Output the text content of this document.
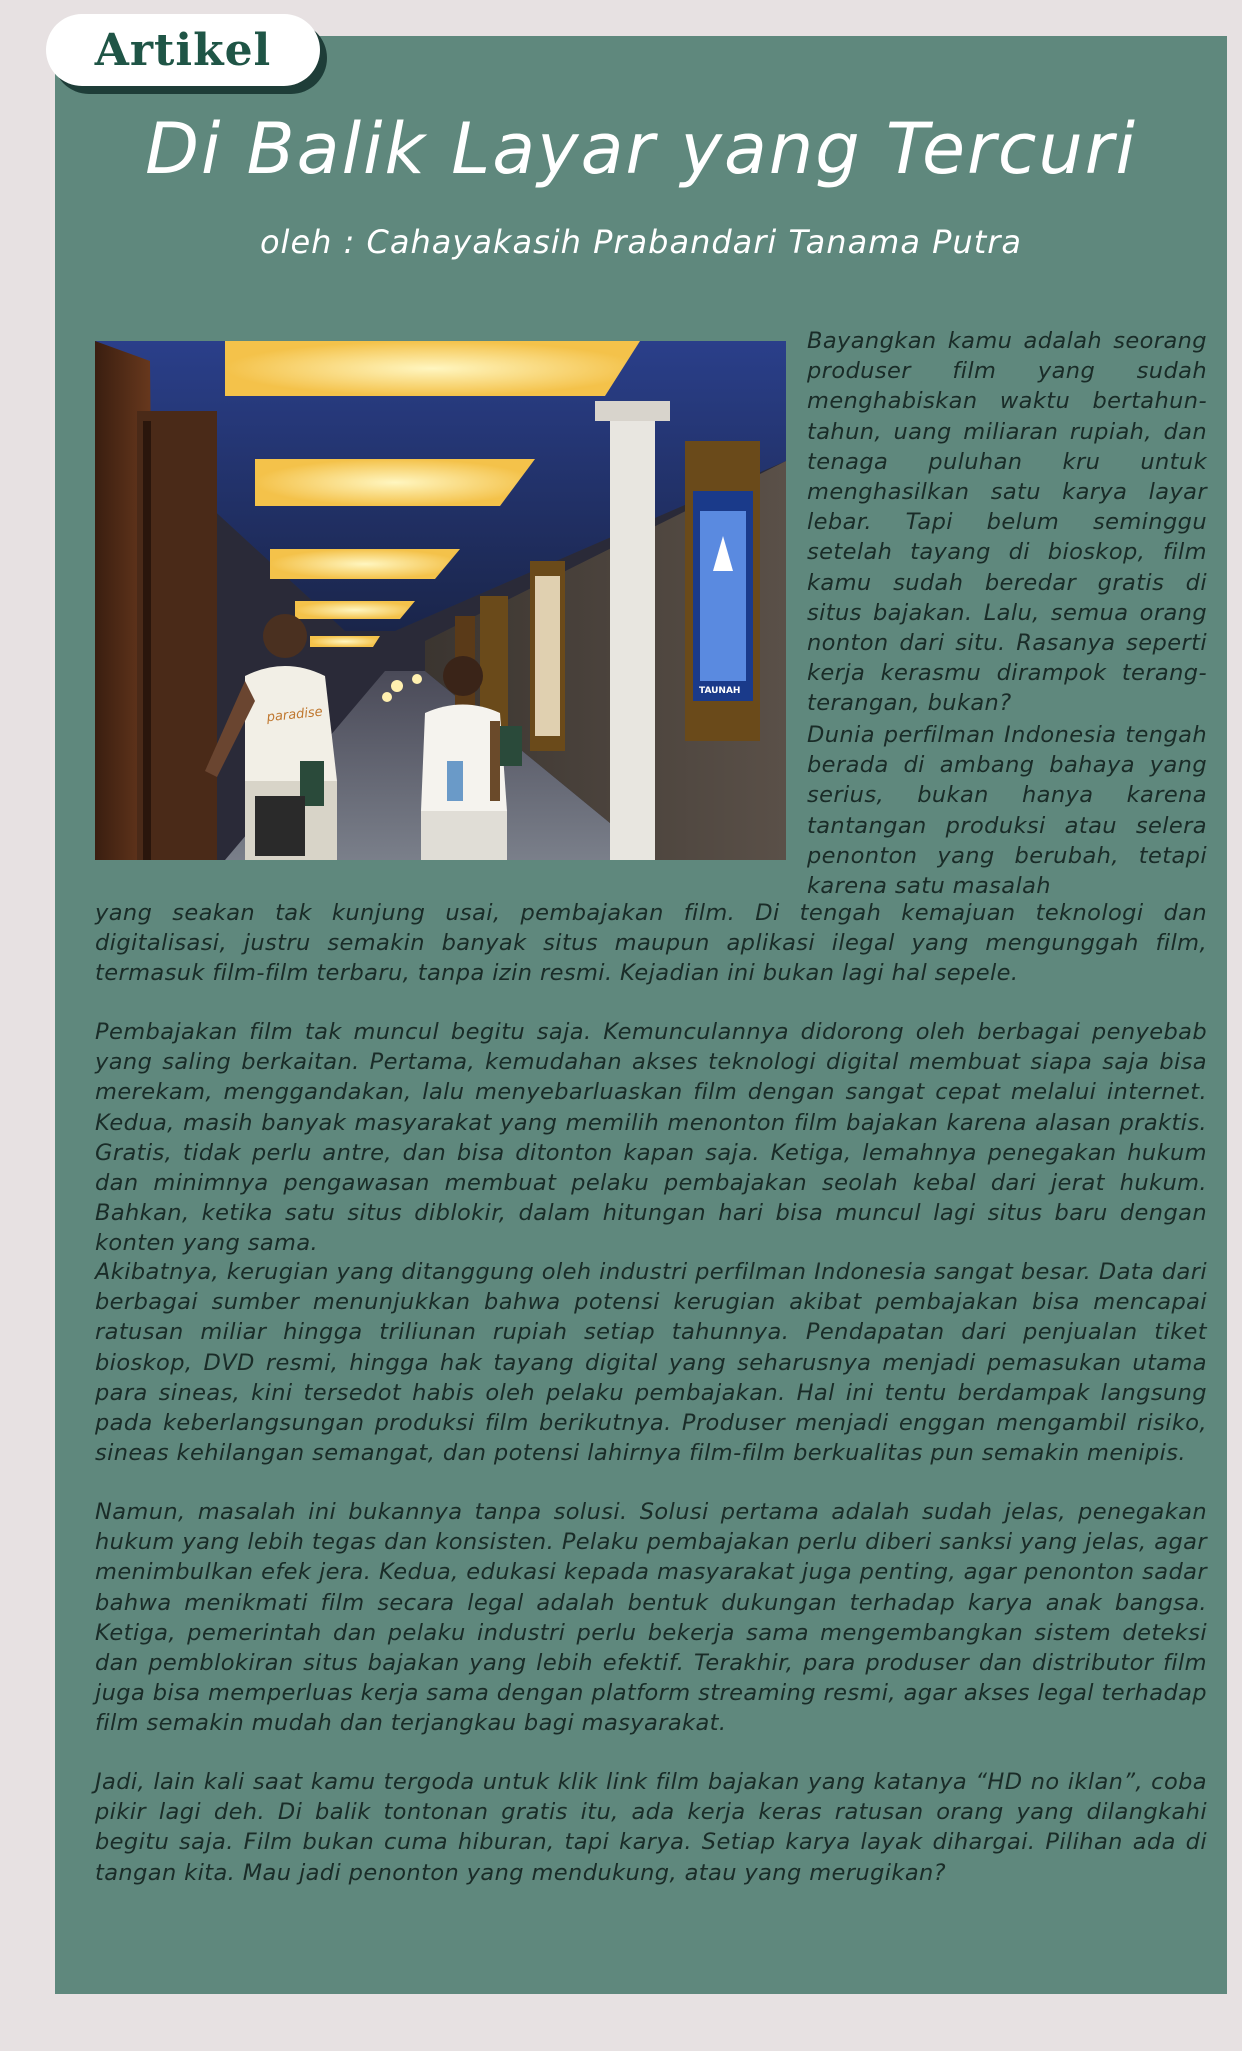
Artikel
Di Balik Layar yang Tercuri
oleh : Cahayakasih Prabandari Tanama Putra
paradise
TAUNAH

Bayangkan kamu adalah seorang produser film yang sudah menghabiskan waktu bertahun-tahun, uang miliaran rupiah, dan tenaga puluhan kru untuk menghasilkan satu karya layar lebar. Tapi belum seminggu setelah tayang di bioskop, film kamu sudah beredar gratis di situs bajakan. Lalu, semua orang nonton dari situ. Rasanya seperti kerja kerasmu dirampok terang-terangan, bukan?

Dunia perfilman Indonesia tengah berada di ambang bahaya yang serius, bukan hanya karena tantangan produksi atau selera penonton yang berubah, tetapi karena satu masalah

yang seakan tak kunjung usai, pembajakan film. Di tengah kemajuan teknologi dan digitalisasi, justru semakin banyak situs maupun aplikasi ilegal yang mengunggah film, termasuk film-film terbaru, tanpa izin resmi. Kejadian ini bukan lagi hal sepele.

Pembajakan film tak muncul begitu saja. Kemunculannya didorong oleh berbagai penyebab yang saling berkaitan. Pertama, kemudahan akses teknologi digital membuat siapa saja bisa merekam, menggandakan, lalu menyebarluaskan film dengan sangat cepat melalui internet. Kedua, masih banyak masyarakat yang memilih menonton film bajakan karena alasan praktis. Gratis, tidak perlu antre, dan bisa ditonton kapan saja. Ketiga, lemahnya penegakan hukum dan minimnya pengawasan membuat pelaku pembajakan seolah kebal dari jerat hukum. Bahkan, ketika satu situs diblokir, dalam hitungan hari bisa muncul lagi situs baru dengan konten yang sama.

Akibatnya, kerugian yang ditanggung oleh industri perfilman Indonesia sangat besar. Data dari berbagai sumber menunjukkan bahwa potensi kerugian akibat pembajakan bisa mencapai ratusan miliar hingga triliunan rupiah setiap tahunnya. Pendapatan dari penjualan tiket bioskop, DVD resmi, hingga hak tayang digital yang seharusnya menjadi pemasukan utama para sineas, kini tersedot habis oleh pelaku pembajakan. Hal ini tentu berdampak langsung pada keberlangsungan produksi film berikutnya. Produser menjadi enggan mengambil risiko, sineas kehilangan semangat, dan potensi lahirnya film-film berkualitas pun semakin menipis.

Namun, masalah ini bukannya tanpa solusi. Solusi pertama adalah sudah jelas, penegakan hukum yang lebih tegas dan konsisten. Pelaku pembajakan perlu diberi sanksi yang jelas, agar menimbulkan efek jera. Kedua, edukasi kepada masyarakat juga penting, agar penonton sadar bahwa menikmati film secara legal adalah bentuk dukungan terhadap karya anak bangsa. Ketiga, pemerintah dan pelaku industri perlu bekerja sama mengembangkan sistem deteksi dan pemblokiran situs bajakan yang lebih efektif. Terakhir, para produser dan distributor film juga bisa memperluas kerja sama dengan platform streaming resmi, agar akses legal terhadap film semakin mudah dan terjangkau bagi masyarakat.

Jadi, lain kali saat kamu tergoda untuk klik link film bajakan yang katanya “HD no iklan”, coba pikir lagi deh. Di balik tontonan gratis itu, ada kerja keras ratusan orang yang dilangkahi begitu saja. Film bukan cuma hiburan, tapi karya. Setiap karya layak dihargai. Pilihan ada di tangan kita. Mau jadi penonton yang mendukung, atau yang merugikan?
